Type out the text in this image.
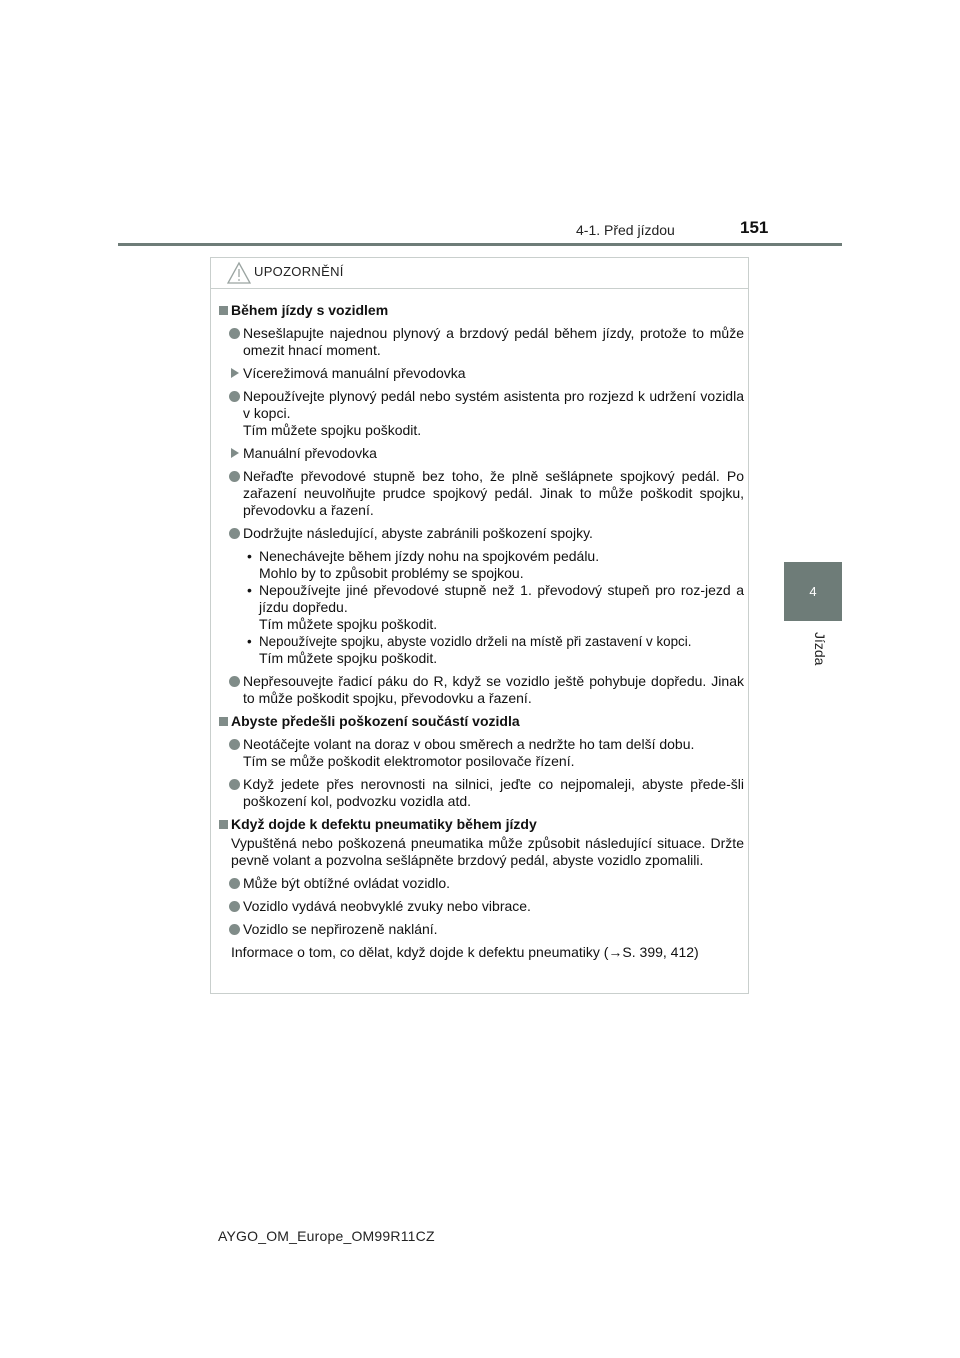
4-1. Před jízdou	151
4
Jízda
UPOZORNĚNÍ
Během jízdy s vozidlem
Nesešlapujte najednou plynový a brzdový pedál během jízdy, protože to může omezit hnací moment.
Vícerežimová manuální převodovka
Nepoužívejte plynový pedál nebo systém asistenta pro rozjezd k udržení vozidla v kopci.
Tím můžete spojku poškodit.
Manuální převodovka
Neřaďte převodové stupně bez toho, že plně sešlápnete spojkový pedál. Po zařazení neuvolňujte prudce spojkový pedál. Jinak to může poškodit spojku, převodovku a řazení.
Dodržujte následující, abyste zabránili poškození spojky.
• Nenechávejte během jízdy nohu na spojkovém pedálu.
Mohlo by to způsobit problémy se spojkou.
• Nepoužívejte jiné převodové stupně než 1. převodový stupeň pro roz-jezd a jízdu dopředu.
Tím můžete spojku poškodit.
• Nepoužívejte spojku, abyste vozidlo drželi na místě při zastavení v kopci.
Tím můžete spojku poškodit.
Nepřesouvejte řadicí páku do R, když se vozidlo ještě pohybuje dopředu. Jinak to může poškodit spojku, převodovku a řazení.
Abyste předešli poškození součástí vozidla
Neotáčejte volant na doraz v obou směrech a nedržte ho tam delší dobu.
Tím se může poškodit elektromotor posilovače řízení.
Když jedete přes nerovnosti na silnici, jeďte co nejpomaleji, abyste přede-šli poškození kol, podvozku vozidla atd.
Když dojde k defektu pneumatiky během jízdy
Vypuštěná nebo poškozená pneumatika může způsobit následující situace. Držte pevně volant a pozvolna sešlápněte brzdový pedál, abyste vozidlo zpomalili.
Může být obtížné ovládat vozidlo.
Vozidlo vydává neobvyklé zvuky nebo vibrace.
Vozidlo se nepřirozeně naklání.
Informace o tom, co dělat, když dojde k defektu pneumatiky (→S. 399, 412)
AYGO_OM_Europe_OM99R11CZ
